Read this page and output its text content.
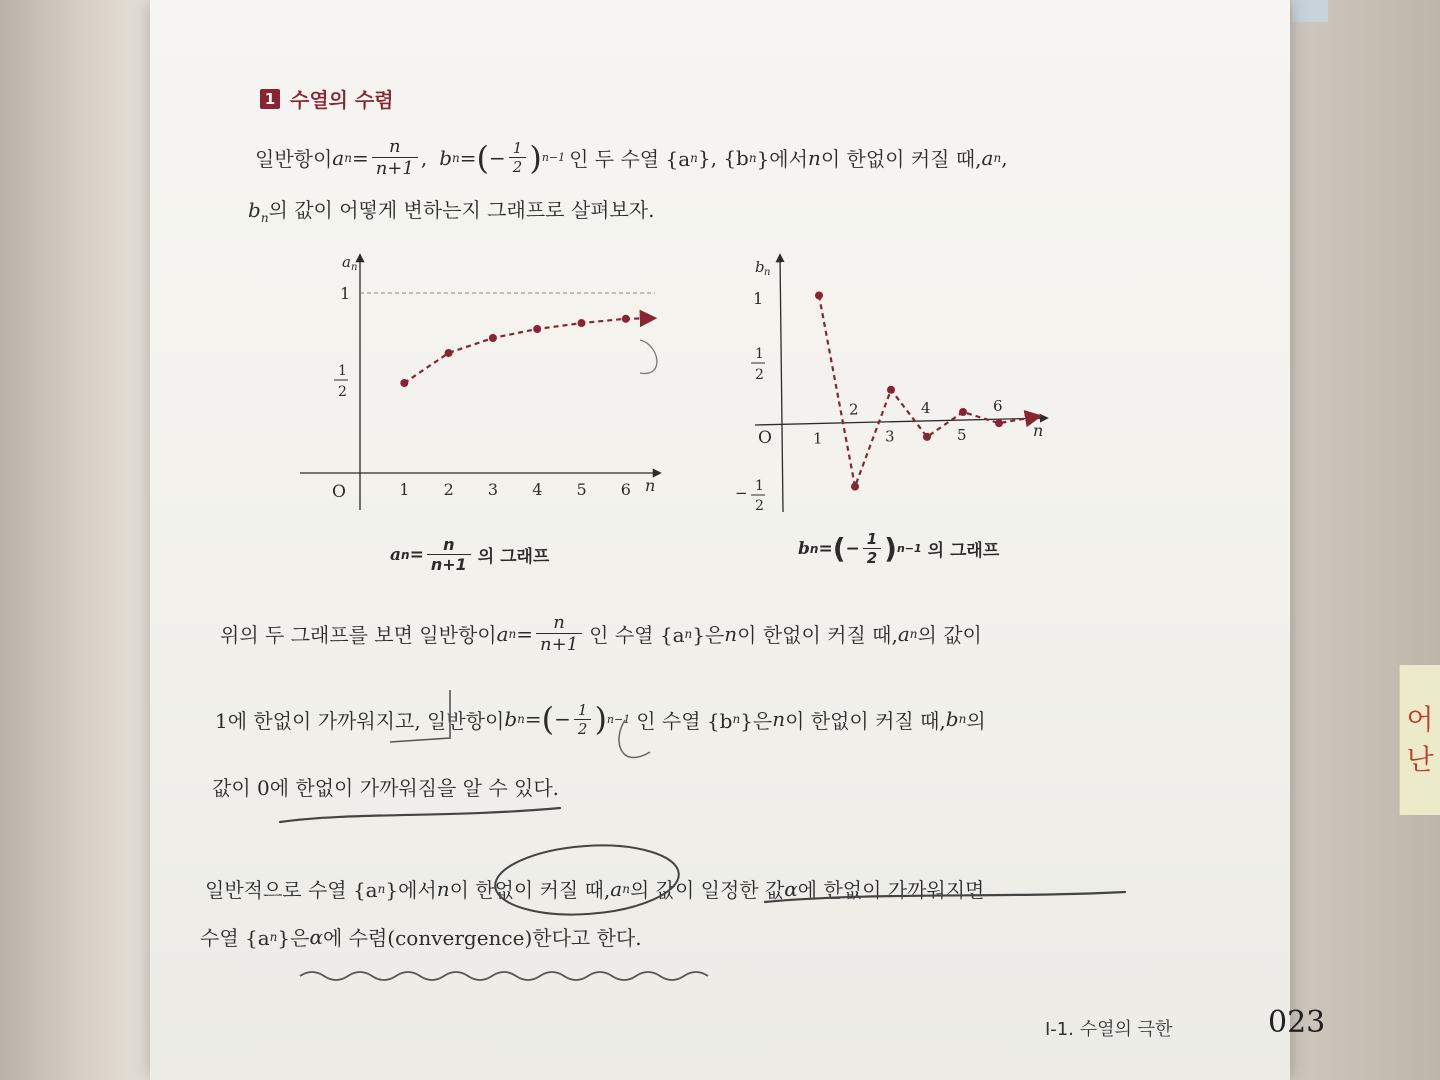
1 수열의 수렴
일반항이 a $n = \frac{n}{n+1}$ , b n = ( − $\frac{1}{2}$ ) n−1 인 두 수열 {a n }, {b n }에서 n 이 한없이 커질 때, a n ,
$b_n$의 값이 어떻게 변하는지 그래프로 살펴보자.
a n
n
O
1
1
2
1 2 3 4 5 6
a $n = \frac{n}{n+1}$ 의 그래프
b n
n
O
1
1
2
− 1
2
2	4	6
1	3	5
b n = ( − $\frac{1}{2}$ ) n−1 의 그래프
위의 두 그래프를 보면 일반항이 a $n = \frac{n}{n+1}$ 인 수열 {a n }은 n 이 한없이 커질 때, a n 의 값이
1에 한없이 가까워지고, 일반항이 b n = ( − $\frac{1}{2}$ ) n−1 인 수열 {b n }은 n 이 한없이 커질 때, b n 의
값이 0에 한없이 가까워짐을 알 수 있다.
일반적으로 수열 {a n }에서 n 이 한없이 커질 때, a n 의 값이 일정한 값 α 에 한없이 가까워지면
수열 {a n }은 α 에 수렴(convergence)한다고 한다.
Ⅰ-1. 수열의 극한	023
어
난
